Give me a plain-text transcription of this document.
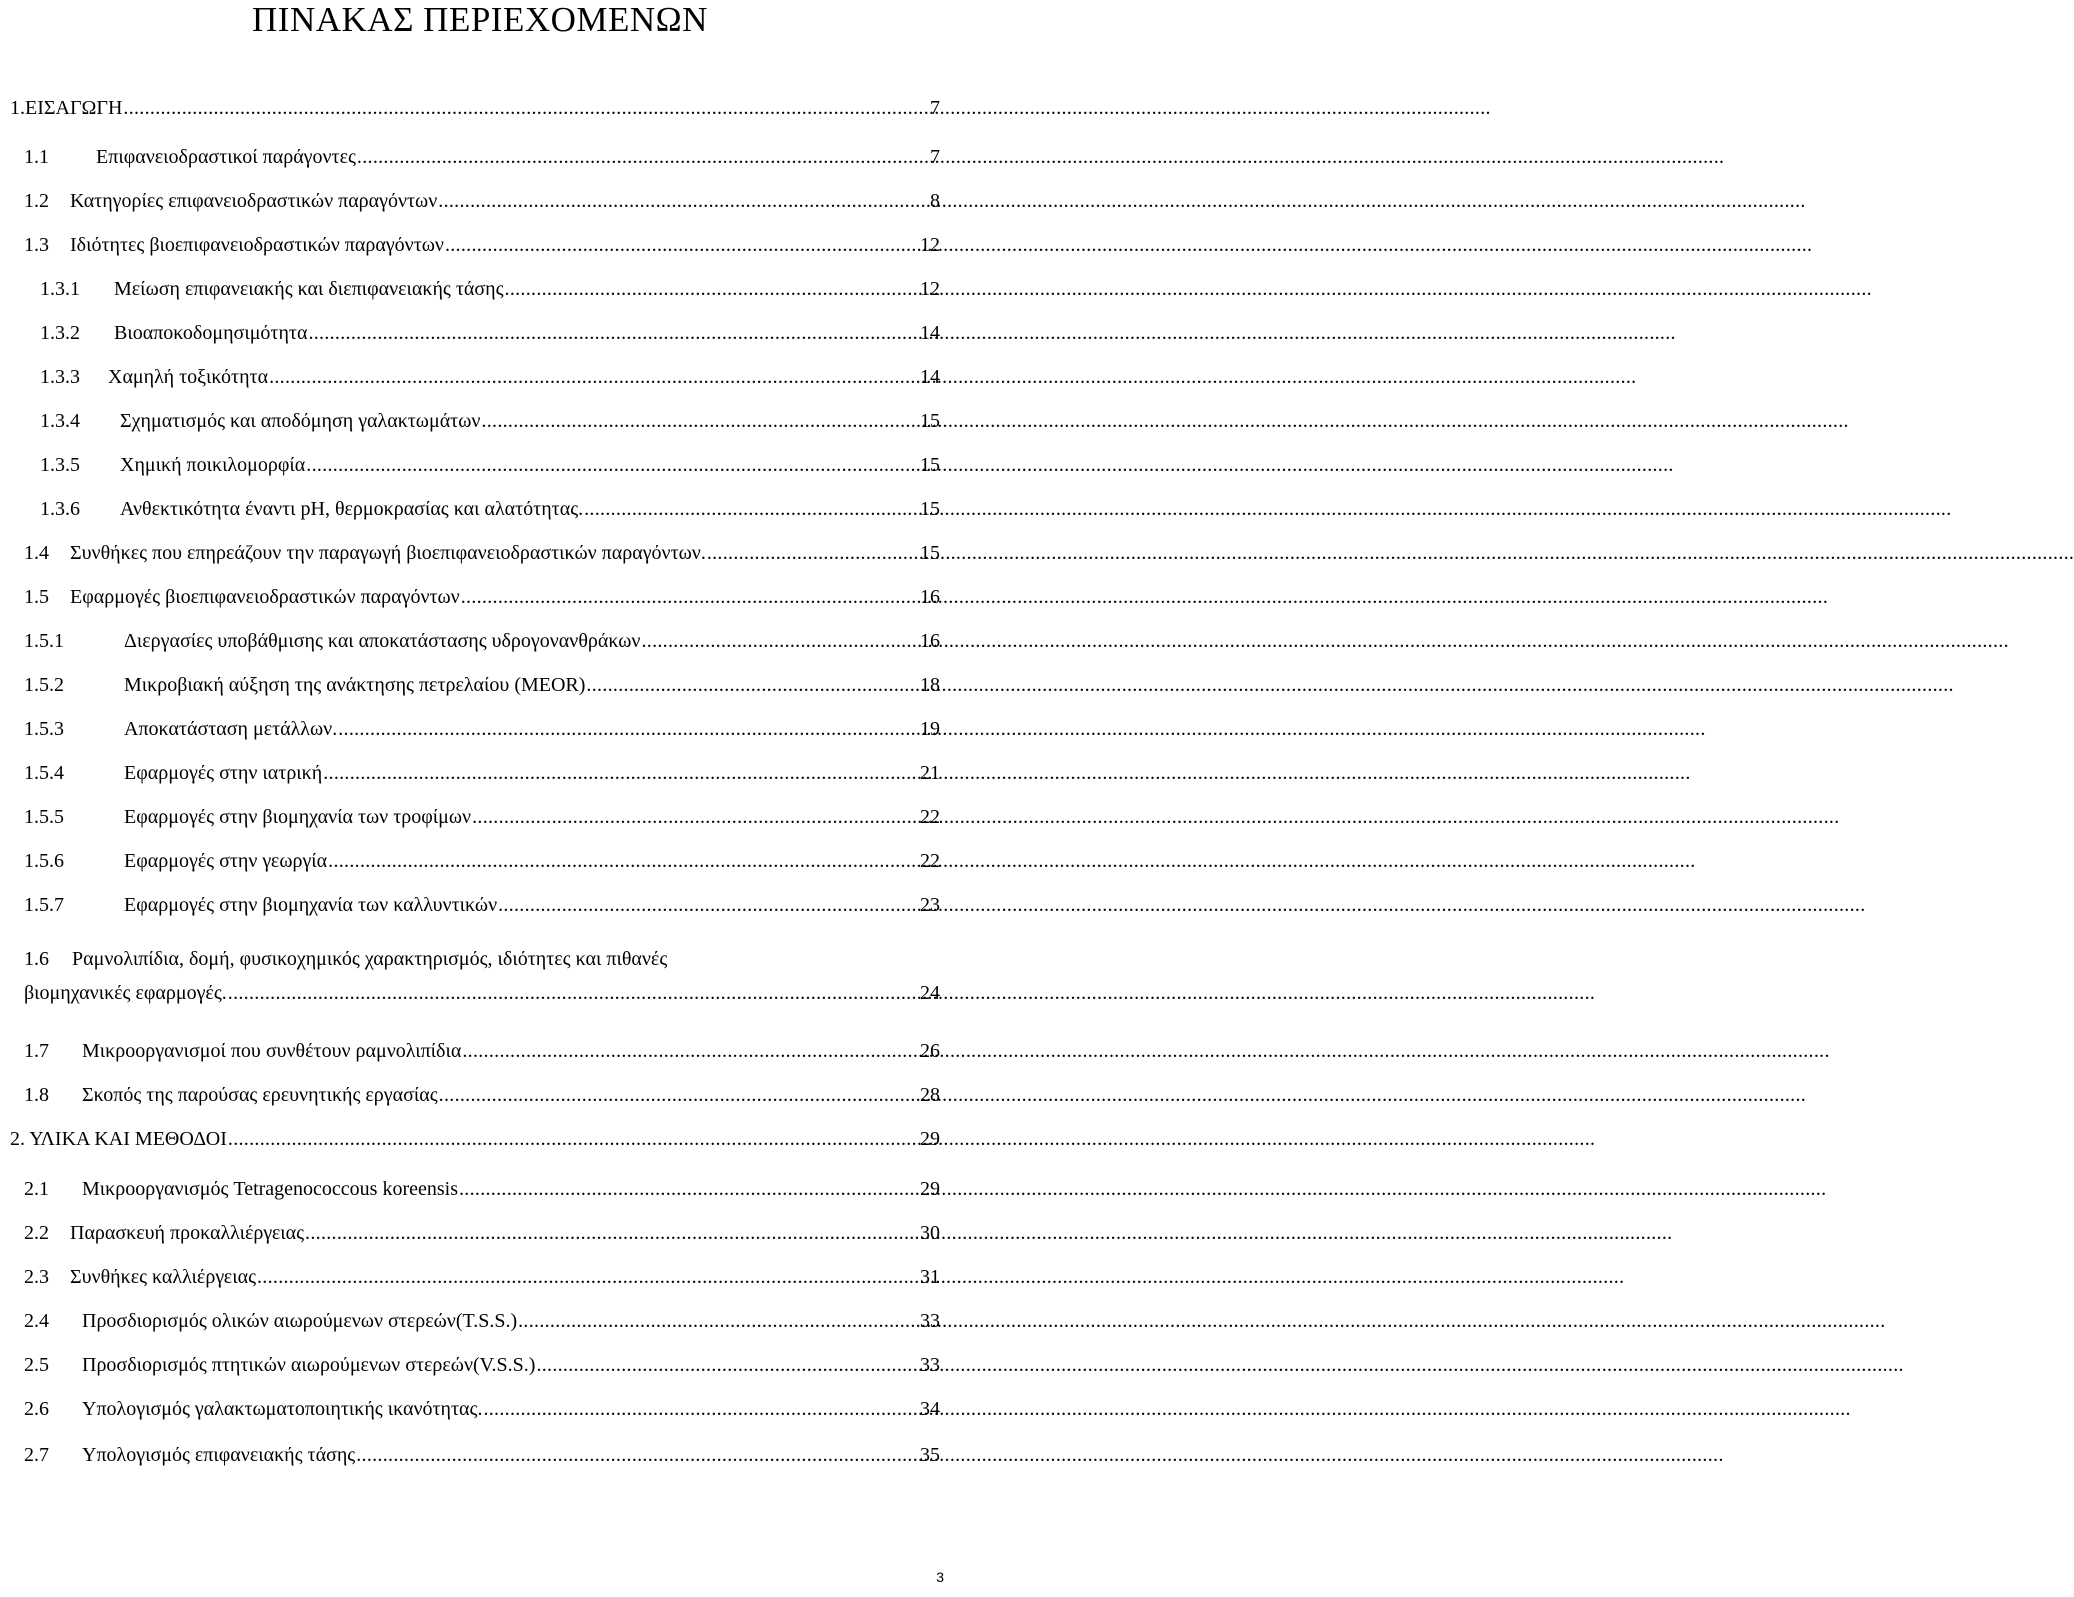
ΠΙΝΑΚΑΣ ΠΕΡΙΕΧΟΜΕΝΩΝ
1.ΕΙΣΑΓΩΓΗ .....	7
1.1	Επιφανειοδραστικοί παράγοντες .....	7
1.2	Κατηγορίες επιφανειοδραστικών παραγόντων .....	8
1.3	Ιδιότητες βιοεπιφανειοδραστικών παραγόντων .....	12
1.3.1	Μείωση επιφανειακής και διεπιφανειακής τάσης .....	12
1.3.2	Βιοαποκοδομησιμότητα .....	14
1.3.3	Χαμηλή τοξικότητα .....	14
1.3.4	Σχηματισμός και αποδόμηση γαλακτωμάτων .....	15
1.3.5	Χημική ποικιλομορφία .....	15
1.3.6	Ανθεκτικότητα έναντι pH, θερμοκρασίας και αλατότητας. .....	15
1.4	Συνθήκες που επηρεάζουν την παραγωγή βιοεπιφανειοδραστικών παραγόντων. .....	15
1.5	Εφαρμογές βιοεπιφανειοδραστικών παραγόντων .....	16
1.5.1	Διεργασίες υποβάθμισης και αποκατάστασης υδρογονανθράκων .....	16
1.5.2	Μικροβιακή αύξηση της ανάκτησης πετρελαίου (MEOR) .....	18
1.5.3	Αποκατάσταση μετάλλων. .....	19
1.5.4	Εφαρμογές στην ιατρική .....	21
1.5.5	Εφαρμογές στην βιομηχανία των τροφίμων .....	22
1.5.6	Εφαρμογές στην γεωργία .....	22
1.5.7	Εφαρμογές στην βιομηχανία των καλλυντικών .....	23
1.6	Ραμνολιπίδια, δομή, φυσικοχημικός χαρακτηρισμός, ιδιότητες και πιθανές
βιομηχανικές εφαρμογές. .....	24
1.7	Μικροοργανισμοί που συνθέτουν ραμνολιπίδια .....	26
1.8	Σκοπός της παρούσας ερευνητικής εργασίας .....	28
2. ΥΛΙΚΑ ΚΑΙ ΜΕΘΟΔΟΙ .....	29
2.1	Μικροοργανισμός Tetragenococcous koreensis .....	29
2.2	Παρασκευή προκαλλιέργειας .....	30
2.3	Συνθήκες καλλιέργειας .....	31
2.4	Προσδιορισμός ολικών αιωρούμενων στερεών(T.S.S.) .....	33
2.5	Προσδιορισμός πτητικών αιωρούμενων στερεών(V.S.S.) .....	33
2.6	Υπολογισμός γαλακτωματοποιητικής ικανότητας. .....	34
2.7	Υπολογισμός επιφανειακής τάσης .....	35
3
